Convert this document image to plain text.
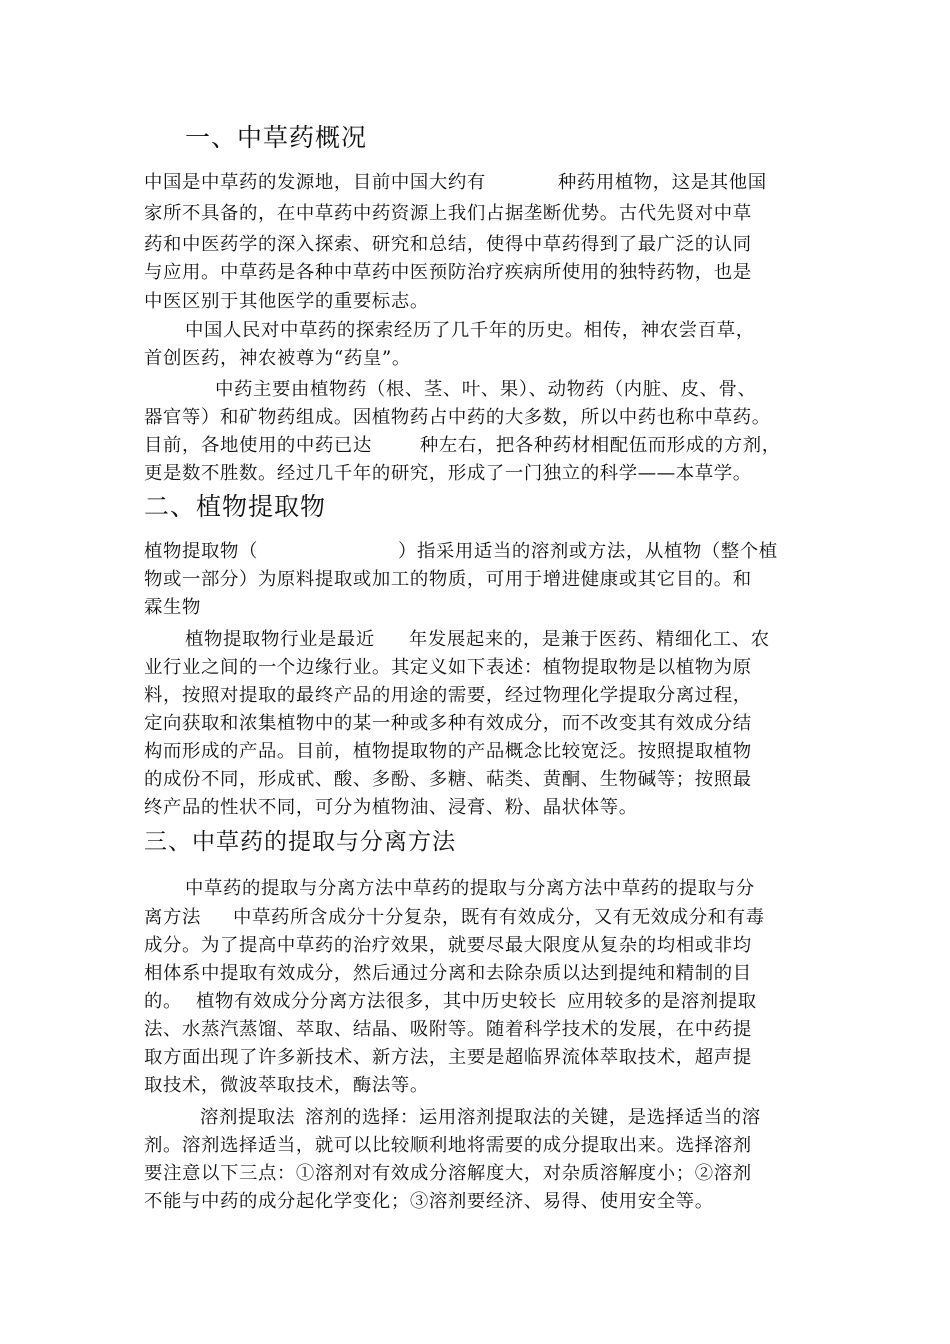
一、中草药概况
中国是中草药的发源地，目前中国大约有	种药用植物，这是其他国
家所不具备的，在中草药中药资源上我们占据垄断优势。古代先贤对中草
药和中医药学的深入探索、研究和总结，使得中草药得到了最广泛的认同
与应用。中草药是各种中草药中医预防治疗疾病所使用的独特药物，也是
中医区别于其他医学的重要标志。
中国人民对中草药的探索经历了几千年的历史。相传，神农尝百草，
首创医药，神农被尊为“药皇”。
中药主要由植物药（根、茎、叶、果）、动物药（内脏、皮、骨、
器官等）和矿物药组成。因植物药占中药的大多数，所以中药也称中草药。
目前，各地使用的中药已达	种左右，把各种药材相配伍而形成的方剂，
更是数不胜数。经过几千年的研究，形成了一门独立的科学——本草学。
二、植物提取物
植物提取物（	）指采用适当的溶剂或方法，从植物（整个植
物或一部分）为原料提取或加工的物质，可用于增进健康或其它目的。和
霖生物
植物提取物行业是最近 年发展起来的，是兼于医药、精细化工、农
业行业之间的一个边缘行业。其定义如下表述：植物提取物是以植物为原
料，按照对提取的最终产品的用途的需要，经过物理化学提取分离过程，
定向获取和浓集植物中的某一种或多种有效成分，而不改变其有效成分结
构而形成的产品。目前，植物提取物的产品概念比较宽泛。按照提取植物
的成份不同，形成甙、酸、多酚、多糖、萜类、黄酮、生物碱等；按照最
终产品的性状不同，可分为植物油、浸膏、粉、晶状体等。
三、中草药的提取与分离方法
中草药的提取与分离方法中草药的提取与分离方法中草药的提取与分
离方法 中草药所含成分十分复杂，既有有效成分，又有无效成分和有毒
成分。为了提高中草药的治疗效果，就要尽最大限度从复杂的均相或非均
相体系中提取有效成分，然后通过分离和去除杂质以达到提纯和精制的目
的。 植物有效成分分离方法很多，其中历史较长 应用较多的是溶剂提取
法、水蒸汽蒸馏、萃取、结晶、吸附等。随着科学技术的发展，在中药提
取方面出现了许多新技术、新方法，主要是超临界流体萃取技术，超声提
取技术，微波萃取技术，酶法等。
溶剂提取法 溶剂的选择：运用溶剂提取法的关键，是选择适当的溶
剂。溶剂选择适当，就可以比较顺利地将需要的成分提取出来。选择溶剂
要注意以下三点：①溶剂对有效成分溶解度大，对杂质溶解度小；②溶剂
不能与中药的成分起化学变化；③溶剂要经济、易得、使用安全等。
